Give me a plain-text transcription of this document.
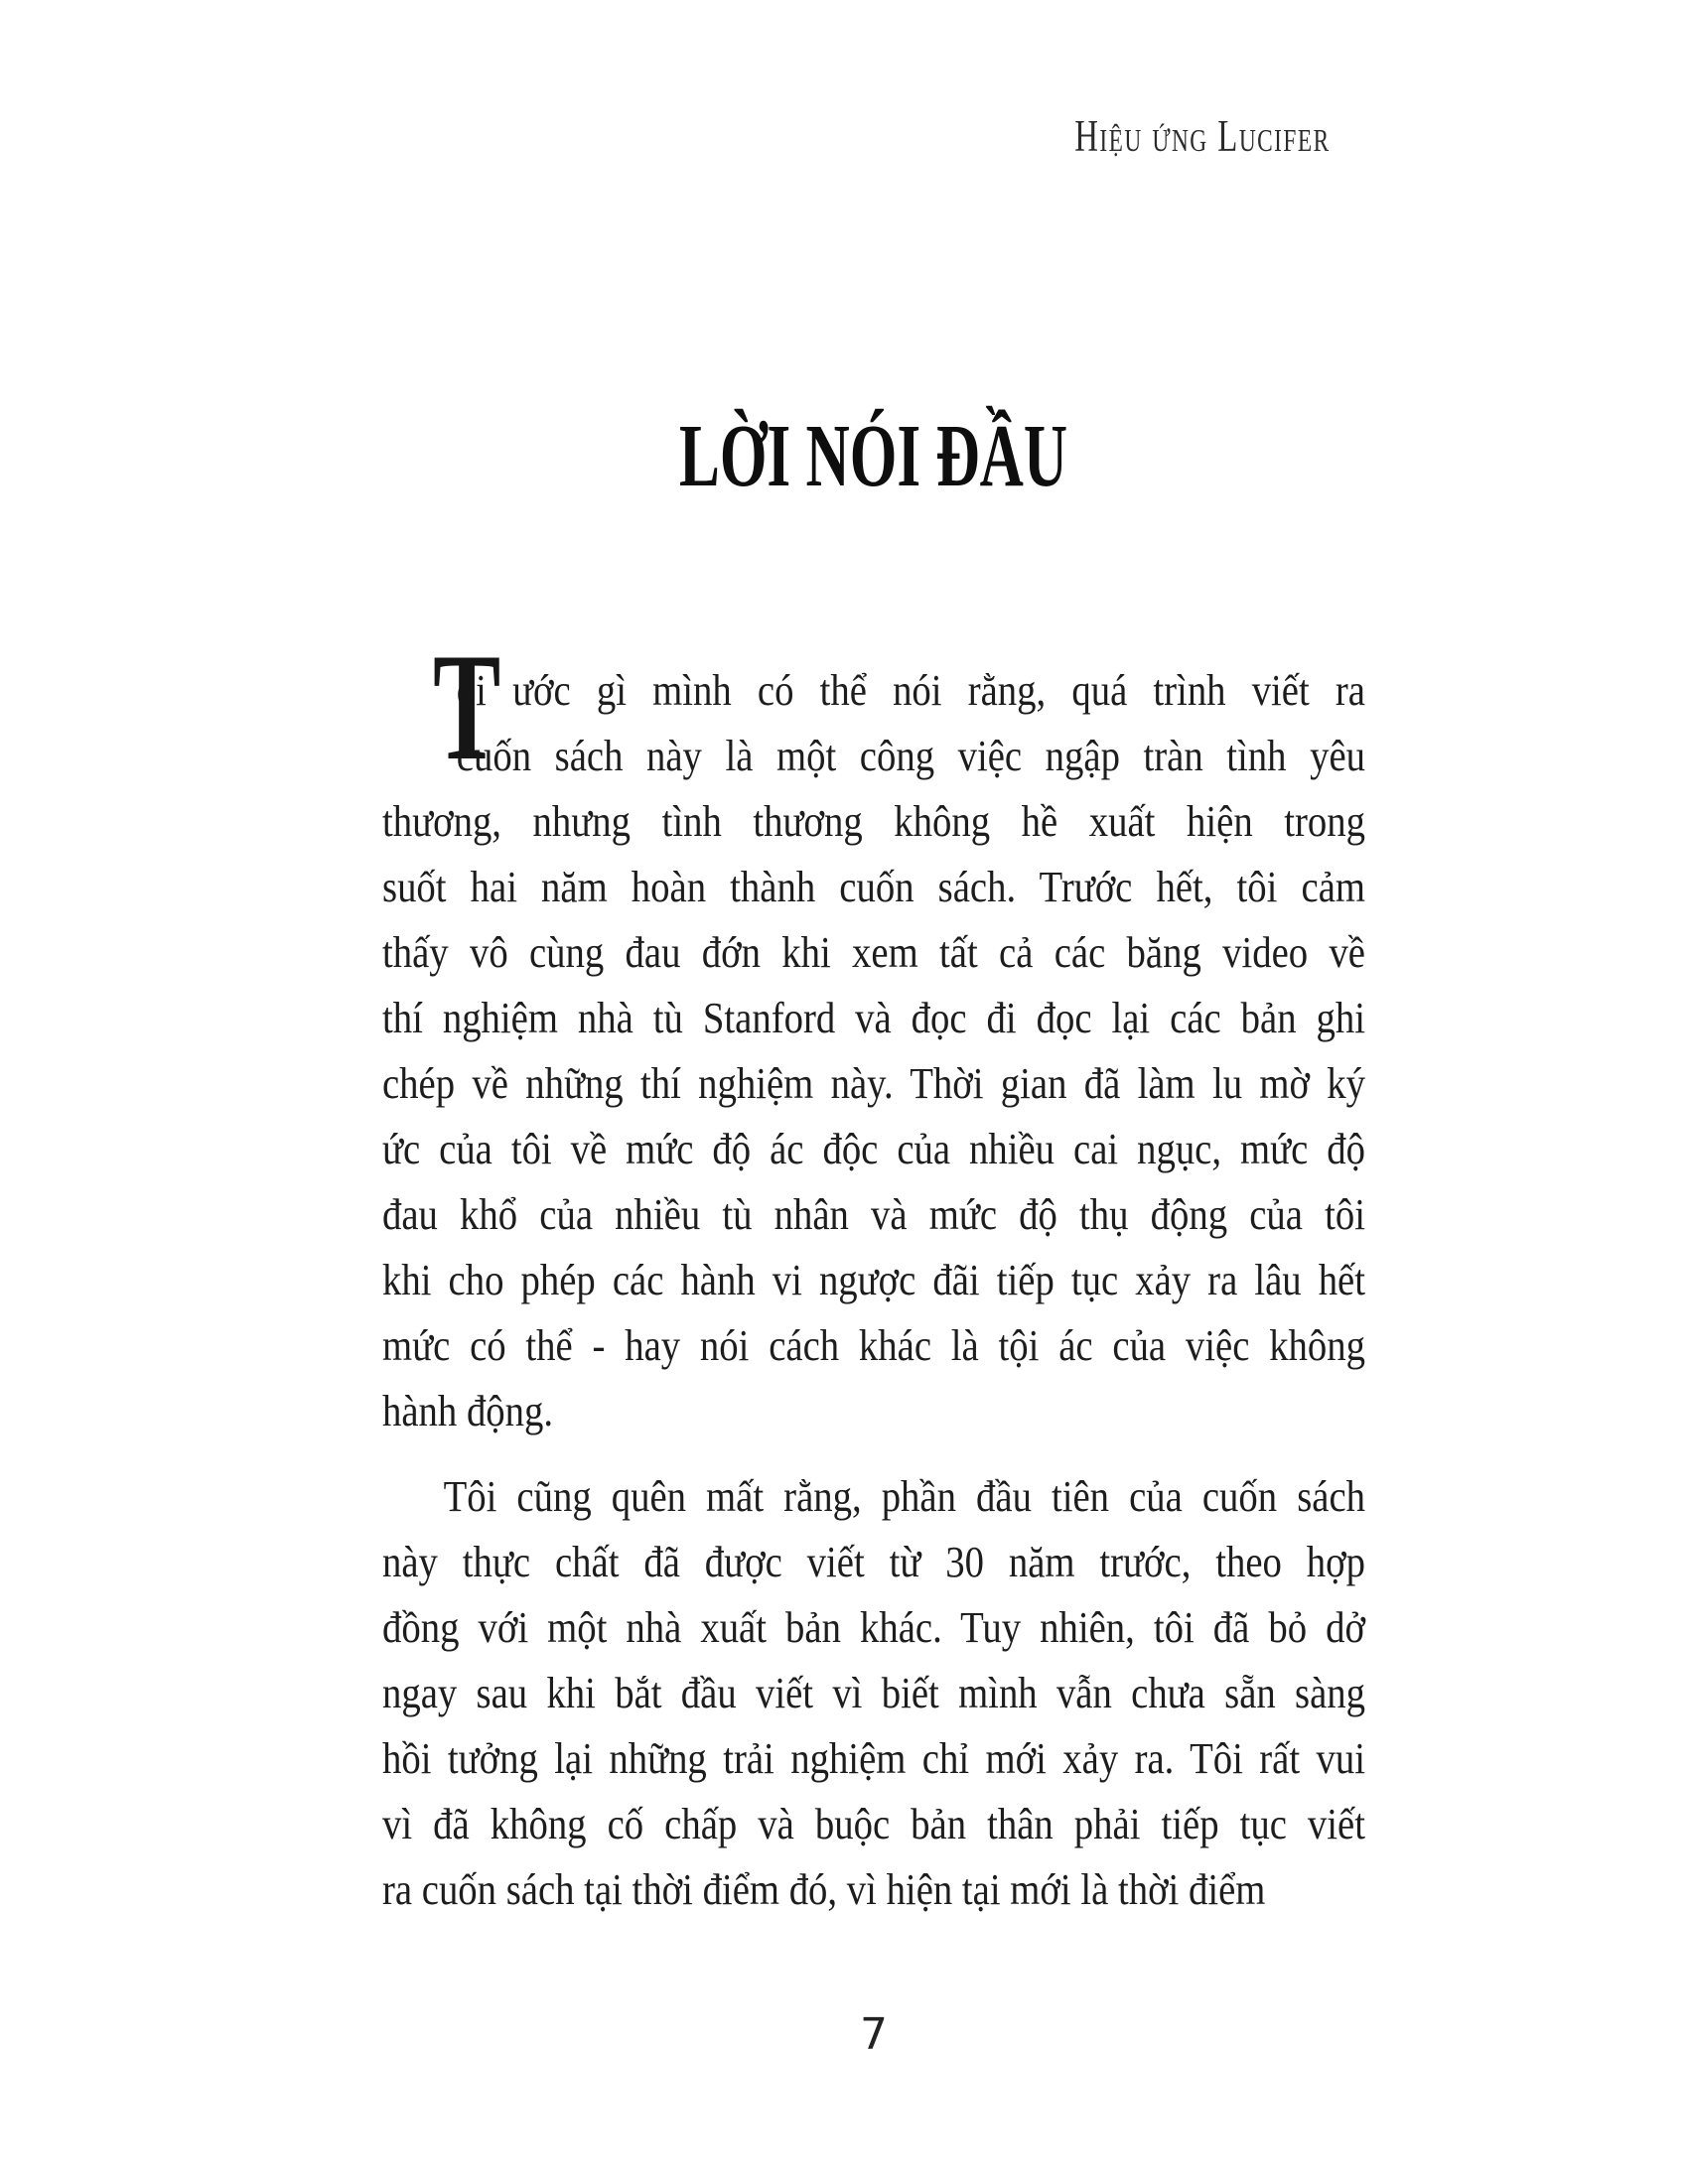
Hiệu ứng Lucifer
LỜI NÓI ĐẦU
T
ôi ước gì mình có thể nói rằng, quá trình viết ra
cuốn sách này là một công việc ngập tràn tình yêu
thương, nhưng tình thương không hề xuất hiện trong
suốt hai năm hoàn thành cuốn sách. Trước hết, tôi cảm
thấy vô cùng đau đớn khi xem tất cả các băng video về
thí nghiệm nhà tù Stanford và đọc đi đọc lại các bản ghi
chép về những thí nghiệm này. Thời gian đã làm lu mờ ký
ức của tôi về mức độ ác độc của nhiều cai ngục, mức độ
đau khổ của nhiều tù nhân và mức độ thụ động của tôi
khi cho phép các hành vi ngược đãi tiếp tục xảy ra lâu hết
mức có thể - hay nói cách khác là tội ác của việc không
hành động.
Tôi cũng quên mất rằng, phần đầu tiên của cuốn sách
này thực chất đã được viết từ 30 năm trước, theo hợp
đồng với một nhà xuất bản khác. Tuy nhiên, tôi đã bỏ dở
ngay sau khi bắt đầu viết vì biết mình vẫn chưa sẵn sàng
hồi tưởng lại những trải nghiệm chỉ mới xảy ra. Tôi rất vui
vì đã không cố chấp và buộc bản thân phải tiếp tục viết
ra cuốn sách tại thời điểm đó, vì hiện tại mới là thời điểm
7
